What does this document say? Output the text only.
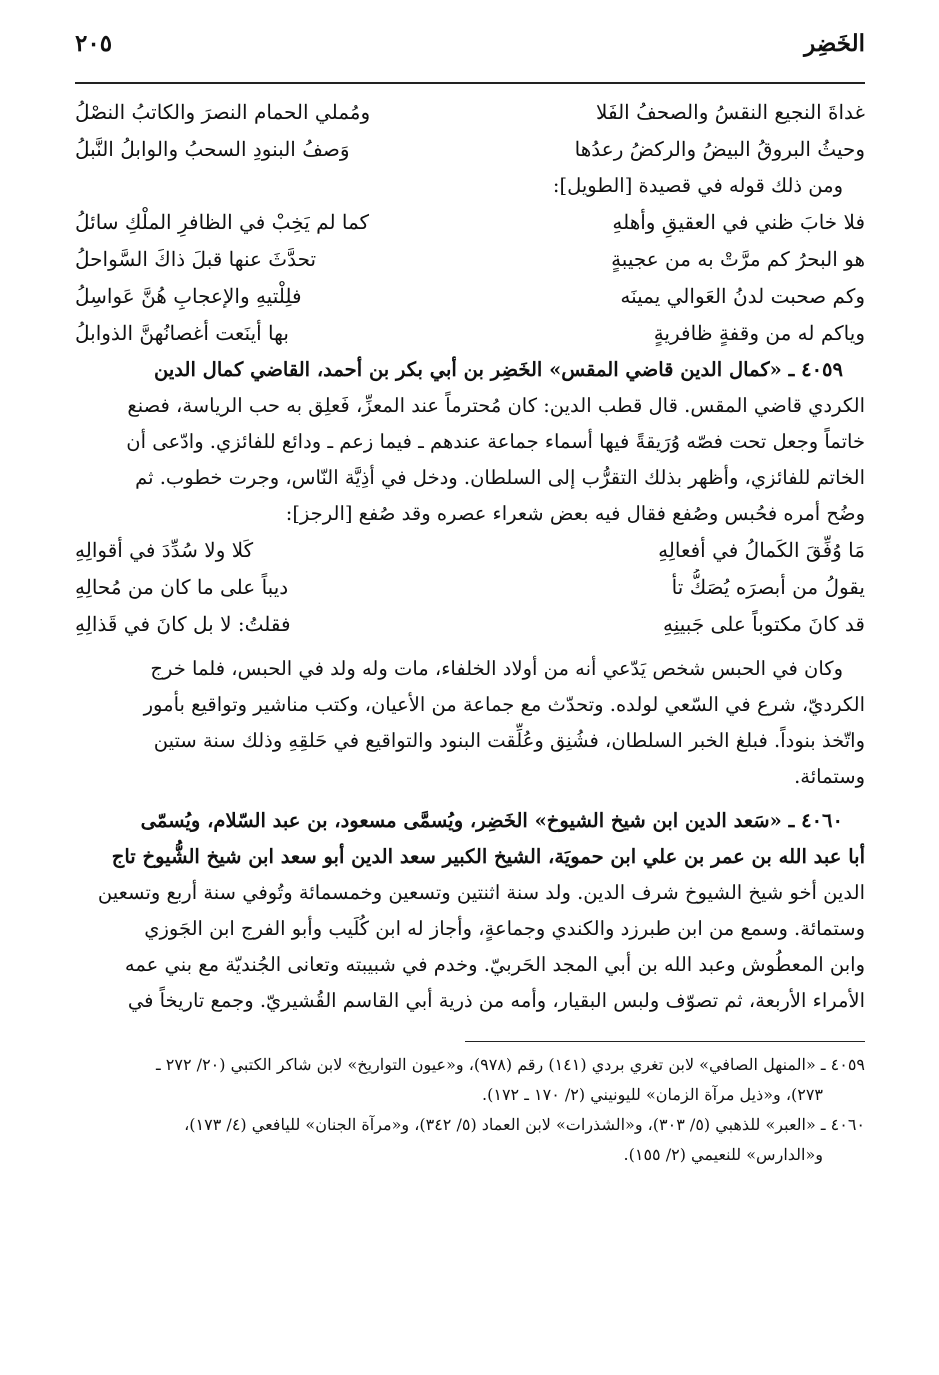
الخَضِر
٢٠٥
غداةَ النجيع النقسُ والصحفُ الفَلا
ومُملي الحمام النصرَ والكاتبُ النصْلُ
وحيثُ البروقُ البيضُ والركضُ رعدُها
وَصفُ البنودِ السحبُ والوابلُ النَّبلُ
ومن ذلك قوله في قصيدة [الطويل]:
فلا خابَ ظني في العقيقِ وأهلهِ
كما لم يَخِبْ في الظافرِ الملْكِ سائلُ
هو البحرُ كم مرَّتْ به من عجيبةٍ
تحدَّثَ عنها قبلَ ذاكَ السَّواحلُ
وكم صحبت لدنُ العَوالي يمينَه
فلِلْتيهِ والإعجابِ هُنَّ عَواسِلُ
وياكم له من وقفةٍ ظافريةٍ
بها أينَعت أغصانُهنَّ الذوابلُ
٤٠٥٩ ـ «كمال الدين قاضي المقس» الخَضِر بن أبي بكر بن أحمد، القاضي كمال الدين
الكردي قاضي المقس. قال قطب الدين: كان مُحترماً عند المعزِّ، فَعلِق به حب الرياسة، فصنع
خاتماً وجعل تحت فصّه وُرَيقةً فيها أسماء جماعة عندهم ـ فيما زعم ـ ودائع للفائزي. وادّعى أن
الخاتم للفائزي، وأظهر بذلك التقرُّب إلى السلطان. ودخل في أذِيَّة النّاس، وجرت خطوب. ثم
وضُح أمره فحُبس وصُفع فقال فيه بعض شعراء عصره وقد صُفع [الرجز]:
مَا وُفِّقَ الكَمالُ في أفعالِهِ
كَلا ولا سُدِّدَ في أقوالِهِ
يقولُ من أبصرَه يُصَكُّ تأ
ديباً على ما كان من مُحالِهِ
قد كانَ مكتوباً على جَبينِهِ
فقلتُ: لا بل كانَ في قَذالِهِ
وكان في الحبس شخص يَدّعي أنه من أولاد الخلفاء، مات وله ولد في الحبس، فلما خرج
الكرديّ، شرع في السّعي لولده. وتحدّث مع جماعة من الأعيان، وكتب مناشير وتواقيع بأمور
واتّخذ بنوداً. فبلغ الخبر السلطان، فشُنِق وعُلِّقت البنود والتواقيع في حَلقِهِ وذلك سنة ستين
وستمائة.
٤٠٦٠ ـ «سَعد الدين ابن شيخ الشيوخ» الخَضِر، ويُسمَّى مسعود، بن عبد السّلام، ويُسمّى
أبا عبد الله بن عمر بن علي ابن حمويَة، الشيخ الكبير سعد الدين أبو سعد ابن شيخ الشُّيوخ تاج
الدين أخو شيخ الشيوخ شرف الدين. ولد سنة اثنتين وتسعين وخمسمائة وتُوفي سنة أربع وتسعين
وستمائة. وسمع من ابن طبرزد والكندي وجماعةٍ، وأجاز له ابن كُلَيب وأبو الفرج ابن الجَوزي
وابن المعطُوش وعبد الله بن أبي المجد الحَربيّ. وخدم في شبيبته وتعانى الجُنديّة مع بني عمه
الأمراء الأربعة، ثم تصوّف ولبس البقيار، وأمه من ذرية أبي القاسم القُشيريّ. وجمع تاريخاً في
٤٠٥٩ ـ «المنهل الصافي» لابن تغري بردي (١٤١) رقم (٩٧٨)، و«عيون التواريخ» لابن شاكر الكتبي (٢٠/ ٢٧٢ ـ
٢٧٣)، و«ذيل مرآة الزمان» لليونيني (٢/ ١٧٠ ـ ١٧٢).
٤٠٦٠ ـ «العبر» للذهبي (٥/ ٣٠٣)، و«الشذرات» لابن العماد (٥/ ٣٤٢)، و«مرآة الجنان» لليافعي (٤/ ١٧٣)،
و«الدارس» للنعيمي (٢/ ١٥٥).
